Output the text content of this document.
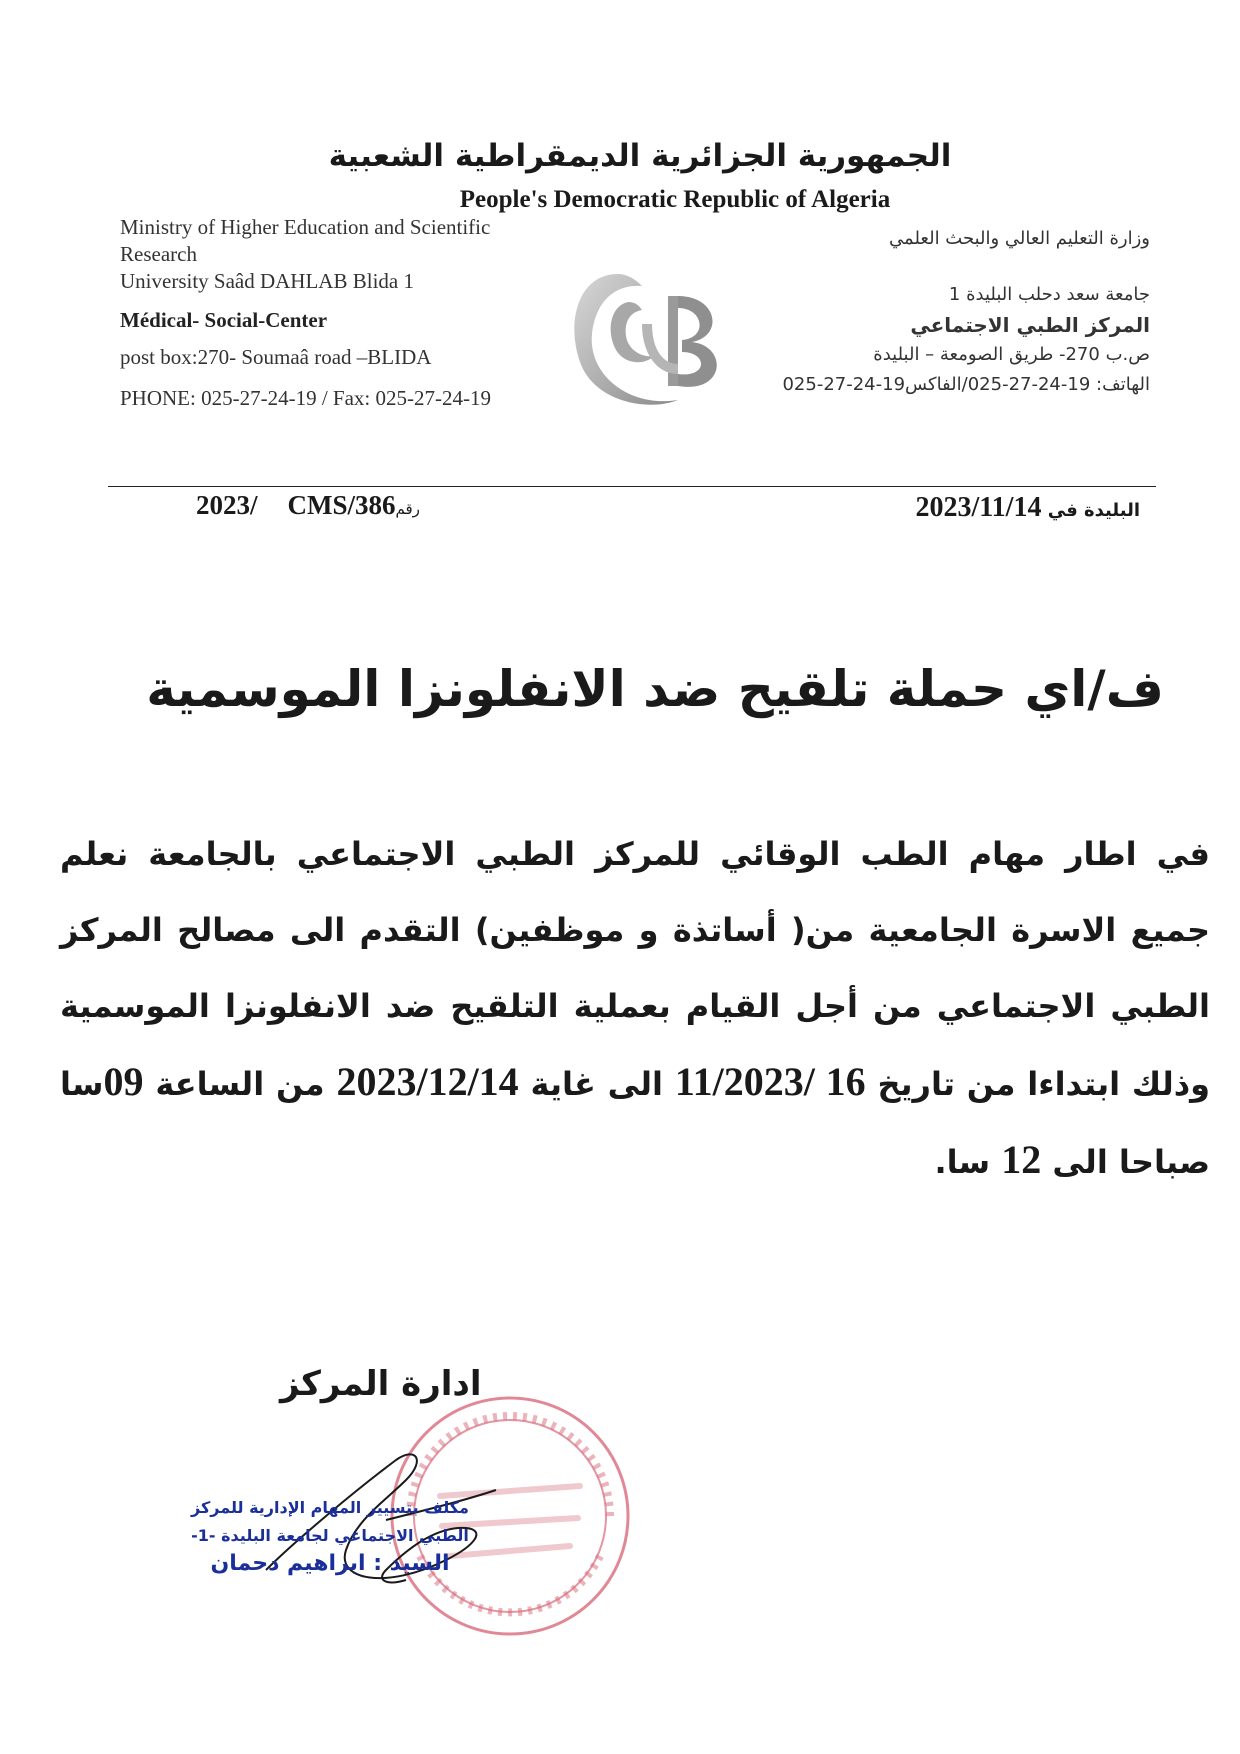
الجمهورية الجزائرية الديمقراطية الشعبية
People's Democratic Republic of Algeria
Ministry of Higher Education and Scientific Research
University Saâd DAHLAB Blida 1
Médical- Social-Center
post box:270- Soumaâ road –BLIDA
PHONE: 025-27-24-19 / Fax: 025-27-24-19
وزارة التعليم العالي والبحث العلمي
جامعة سعد دحلب البليدة 1
المركز الطبي الاجتماعي
ص.ب 270- طريق الصومعة – البليدة
الهاتف: 19-24-27-025/الفاكس19-24-27-025
2023/ CMS/386رقم	البليدة في 2023/11/14
ف/اي حملة تلقيح ضد الانفلونزا الموسمية
في اطار مهام الطب الوقائي للمركز الطبي الاجتماعي بالجامعة نعلم جميع الاسرة الجامعية من( أساتذة و موظفين) التقدم الى مصالح المركز الطبي الاجتماعي من أجل القيام بعملية التلقيح ضد الانفلونزا الموسمية وذلك ابتداءا من تاريخ 16 /11/2023 الى غاية 2023/12/14 من الساعة 09سا صباحا الى 12 سا.
ادارة المركز
مكلف بتسيير المهام الإدارية للمركز
الطبي الاجتماعي لجامعة البليدة -1-
السيد : ابراهيم دحمان
